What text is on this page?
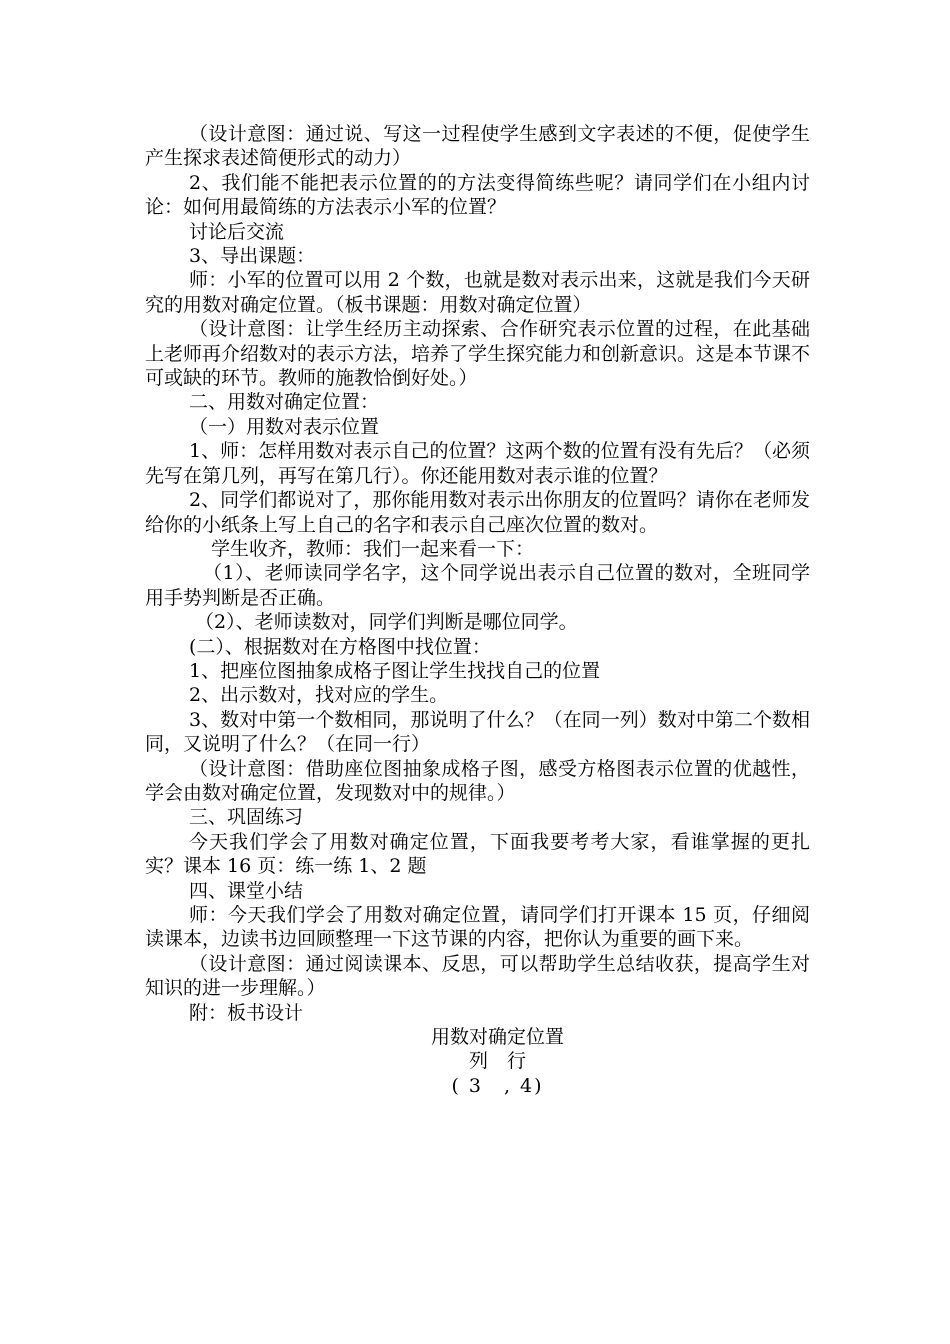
（设计意图：通过说、写这一过程使学生感到文字表述的不便，促使学生产生探求表述简便形式的动力）

2、我们能不能把表示位置的的方法变得简练些呢？请同学们在小组内讨论：如何用最简练的方法表示小军的位置？

讨论后交流

3、导出课题：

师：小军的位置可以用 2 个数，也就是数对表示出来，这就是我们今天研究的用数对确定位置。（板书课题：用数对确定位置）

（设计意图：让学生经历主动探索、合作研究表示位置的过程，在此基础上老师再介绍数对的表示方法，培养了学生探究能力和创新意识。这是本节课不可或缺的环节。教师的施教恰倒好处。）

二、用数对确定位置：

（一）用数对表示位置

1、师：怎样用数对表示自己的位置？这两个数的位置有没有先后？（必须先写在第几列，再写在第几行）。你还能用数对表示谁的位置？

2、同学们都说对了，那你能用数对表示出你朋友的位置吗？请你在老师发给你的小纸条上写上自己的名字和表示自己座次位置的数对。

学生收齐，教师：我们一起来看一下：

（1）、老师读同学名字，这个同学说出表示自己位置的数对，全班同学用手势判断是否正确。

（2）、老师读数对，同学们判断是哪位同学。

(二）、根据数对在方格图中找位置：

1、把座位图抽象成格子图让学生找找自己的位置

2、出示数对，找对应的学生。

3、数对中第一个数相同，那说明了什么？（在同一列）数对中第二个数相同，又说明了什么？（在同一行）

（设计意图：借助座位图抽象成格子图，感受方格图表示位置的优越性，学会由数对确定位置，发现数对中的规律。）

三、巩固练习

今天我们学会了用数对确定位置，下面我要考考大家，看谁掌握的更扎实？课本 16 页：练一练 1、2 题

四、课堂小结

师：今天我们学会了用数对确定位置，请同学们打开课本 15 页，仔细阅读课本，边读书边回顾整理一下这节课的内容，把你认为重要的画下来。

（设计意图：通过阅读课本、反思，可以帮助学生总结收获，提高学生对知识的进一步理解。）

附：板书设计

用数对确定位置

列　行

( 3　, 4)
